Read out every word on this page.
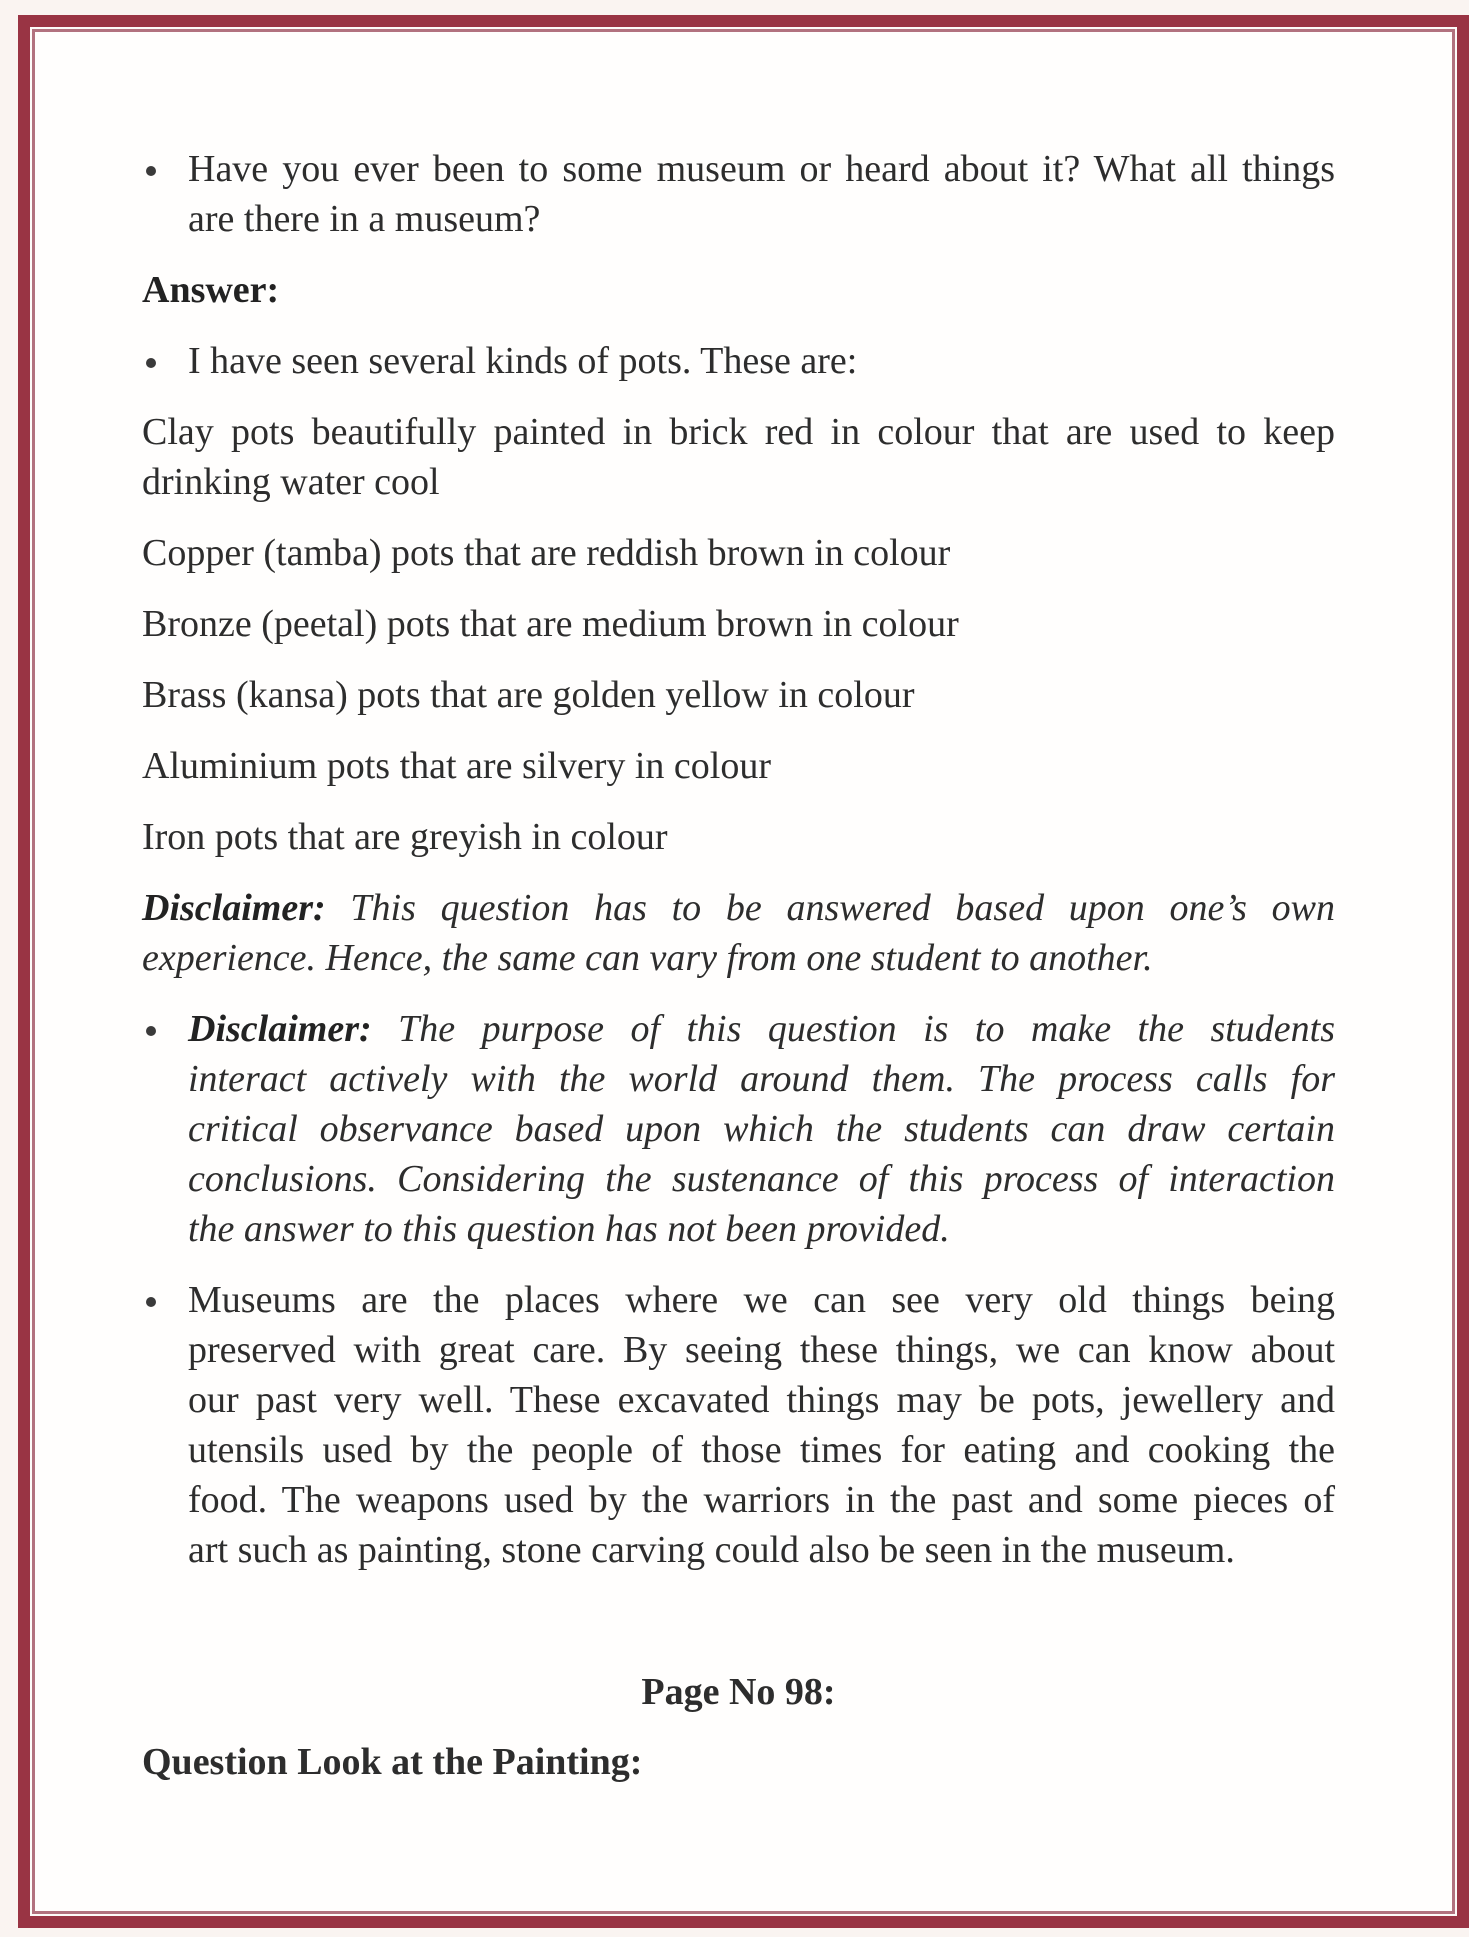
Have you ever been to some museum or heard about it? What all things
are there in a museum?

Answer:

I have seen several kinds of pots. These are:
Clay pots beautifully painted in brick red in colour that are used to keep
drinking water cool

Copper (tamba) pots that are reddish brown in colour

Bronze (peetal) pots that are medium brown in colour

Brass (kansa) pots that are golden yellow in colour

Aluminium pots that are silvery in colour

Iron pots that are greyish in colour

Disclaimer: This question has to be answered based upon one’s own
experience. Hence, the same can vary from one student to another.
Disclaimer: The purpose of this question is to make the students
interact actively with the world around them. The process calls for
critical observance based upon which the students can draw certain
conclusions. Considering the sustenance of this process of interaction
the answer to this question has not been provided.
Museums are the places where we can see very old things being
preserved with great care. By seeing these things, we can know about
our past very well. These excavated things may be pots, jewellery and
utensils used by the people of those times for eating and cooking the
food. The weapons used by the warriors in the past and some pieces of
art such as painting, stone carving could also be seen in the museum.
Page No 98:
Question Look at the Painting:
